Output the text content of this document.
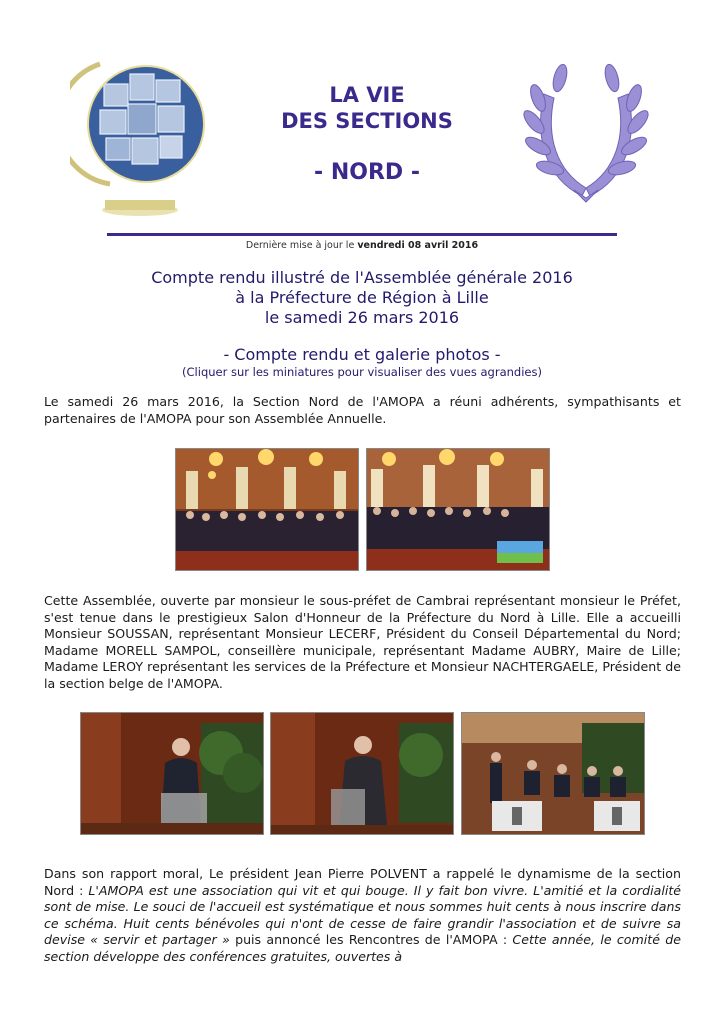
LA VIE
DES SECTIONS
- NORD -
Dernière mise à jour le vendredi 08 avril 2016
Compte rendu illustré de l'Assemblée générale 2016
à la Préfecture de Région à Lille
le samedi 26 mars 2016
- Compte rendu et galerie photos -
(Cliquer sur les miniatures pour visualiser des vues agrandies)
Le samedi 26 mars 2016, la Section Nord de l'AMOPA a réuni adhérents, sympathisants et partenaires de l'AMOPA pour son Assemblée Annuelle.
Cette Assemblée, ouverte par monsieur le sous-préfet de Cambrai représentant monsieur le Préfet, s'est tenue dans le prestigieux Salon d'Honneur de la Préfecture du Nord à Lille. Elle a accueilli Monsieur SOUSSAN, représentant Monsieur LECERF, Président du Conseil Départemental du Nord; Madame MORELL SAMPOL, conseillère municipale, représentant Madame AUBRY, Maire de Lille; Madame LEROY représentant les services de la Préfecture et Monsieur NACHTERGAELE, Président de la section belge de l'AMOPA.
Dans son rapport moral, Le président Jean Pierre POLVENT a rappelé le dynamisme de la section Nord : L'AMOPA est une association qui vit et qui bouge. Il y fait bon vivre. L'amitié et la cordialité sont de mise. Le souci de l'accueil est systématique et nous sommes huit cents à nous inscrire dans ce schéma. Huit cents bénévoles qui n'ont de cesse de faire grandir l'association et de suivre sa devise « servir et partager » puis annoncé les Rencontres de l'AMOPA : Cette année, le comité de section développe des conférences gratuites, ouvertes à
